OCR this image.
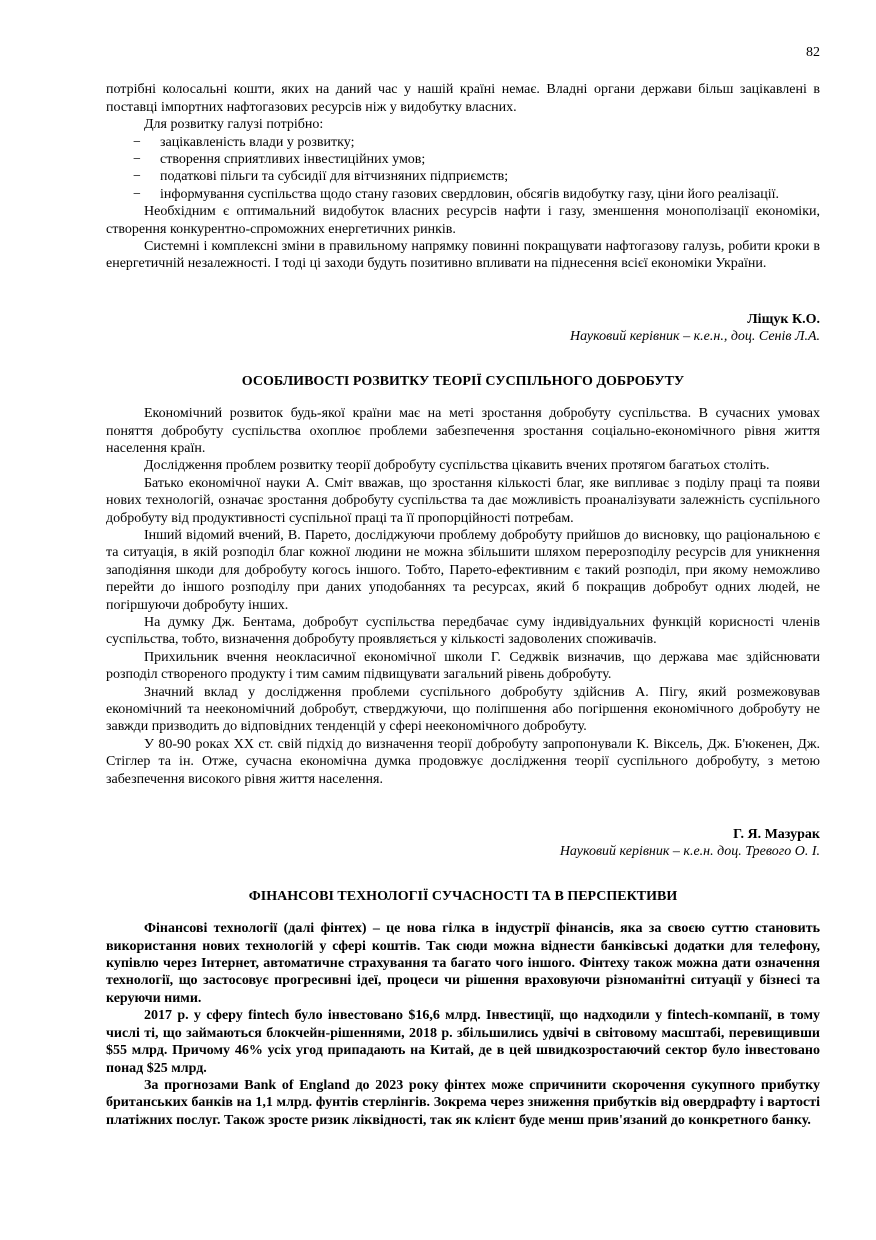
82

потрібні колосальні кошти, яких на даний час у нашій країні немає. Владні органи держави більш зацікавлені в поставці імпортних нафтогазових ресурсів ніж у видобутку власних.

Для розвитку галузі потрібно:

− зацікавленість влади у розвитку;
− створення сприятливих інвестиційних умов;
− податкові пільги та субсидії для вітчизняних підприємств;
− інформування суспільства щодо стану газових свердловин, обсягів видобутку газу, ціни його реалізації.

Необхідним є оптимальний видобуток власних ресурсів нафти і газу, зменшення монополізації економіки, створення конкурентно-спроможних енергетичних ринків.

Системні і комплексні зміни в правильному напрямку повинні покращувати нафтогазову галузь, робити кроки в енергетичній незалежності. І тоді ці заходи будуть позитивно впливати на піднесення всієї економіки України.

Ліщук К.О.
Науковий керівник – к.е.н., доц. Сенів Л.А.
ОСОБЛИВОСТІ РОЗВИТКУ ТЕОРІЇ СУСПІЛЬНОГО ДОБРОБУТУ

Економічний розвиток будь-якої країни має на меті зростання добробуту суспільства. В сучасних умовах поняття добробуту суспільства охоплює проблеми забезпечення зростання соціально-економічного рівня життя населення країн.

Дослідження проблем розвитку теорії добробуту суспільства цікавить вчених протягом багатьох століть.

Батько економічної науки А. Сміт вважав, що зростання кількості благ, яке випливає з поділу праці та появи нових технологій, означає зростання добробуту суспільства та дає можливість проаналізувати залежність суспільного добробуту від продуктивності суспільної праці та її пропорційності потребам.

Інший відомий вчений, В. Парето, досліджуючи проблему добробуту прийшов до висновку, що раціональною є та ситуація, в якій розподіл благ кожної людини не можна збільшити шляхом перерозподілу ресурсів для уникнення заподіяння шкоди для добробуту когось іншого. Тобто, Парето-ефективним є такий розподіл, при якому неможливо перейти до іншого розподілу при даних уподобаннях та ресурсах, який б покращив добробут одних людей, не погіршуючи добробуту інших.

На думку Дж. Бентама, добробут суспільства передбачає суму індивідуальних функцій корисності членів суспільства, тобто, визначення добробуту проявляється у кількості задоволених споживачів.

Прихильник вчення неокласичної економічної школи Г. Седжвік визначив, що держава має здійснювати розподіл створеного продукту і тим самим підвищувати загальний рівень добробуту.

Значний вклад у дослідження проблеми суспільного добробуту здійснив А. Пігу, який розмежовував економічний та неекономічний добробут, стверджуючи, що поліпшення або погіршення економічного добробуту не завжди призводить до відповідних тенденцій у сфері неекономічного добробуту.

У 80-90 роках ХХ ст. свій підхід до визначення теорії добробуту запропонували К. Віксель, Дж. Б'юкенен, Дж. Стіглер та ін. Отже, сучасна економічна думка продовжує дослідження теорії суспільного добробуту, з метою забезпечення високого рівня життя населення.

Г. Я. Мазурак
Науковий керівник – к.е.н. доц. Тревого О. І.
ФІНАНСОВІ ТЕХНОЛОГІЇ СУЧАСНОСТІ ТА В ПЕРСПЕКТИВИ

Фінансові технології (далі фінтех) – це нова гілка в індустрії фінансів, яка за своєю суттю становить використання нових технологій у сфері коштів. Так сюди можна віднести банківські додатки для телефону, купівлю через Інтернет, автоматичне страхування та багато чого іншого. Фінтеху також можна дати означення технології, що застосовує прогресивні ідеї, процеси чи рішення враховуючи різноманітні ситуації у бізнесі та керуючи ними.

2017 р. у сферу fintech було інвестовано $16,6 млрд. Інвестиції, що надходили у fintech-компанії, в тому числі ті, що займаються блокчейн-рішеннями, 2018 р. збільшились удвічі в світовому масштабі, перевищивши $55 млрд. Причому 46% усіх угод припадають на Китай, де в цей швидкозростаючий сектор було інвестовано понад $25 млрд.

За прогнозами Bank of England до 2023 року фінтех може спричинити скорочення сукупного прибутку британських банків на 1,1 млрд. фунтів стерлінгів. Зокрема через зниження прибутків від овердрафту і вартості платіжних послуг. Також зросте ризик ліквідності, так як клієнт буде менш прив'язаний до конкретного банку.
